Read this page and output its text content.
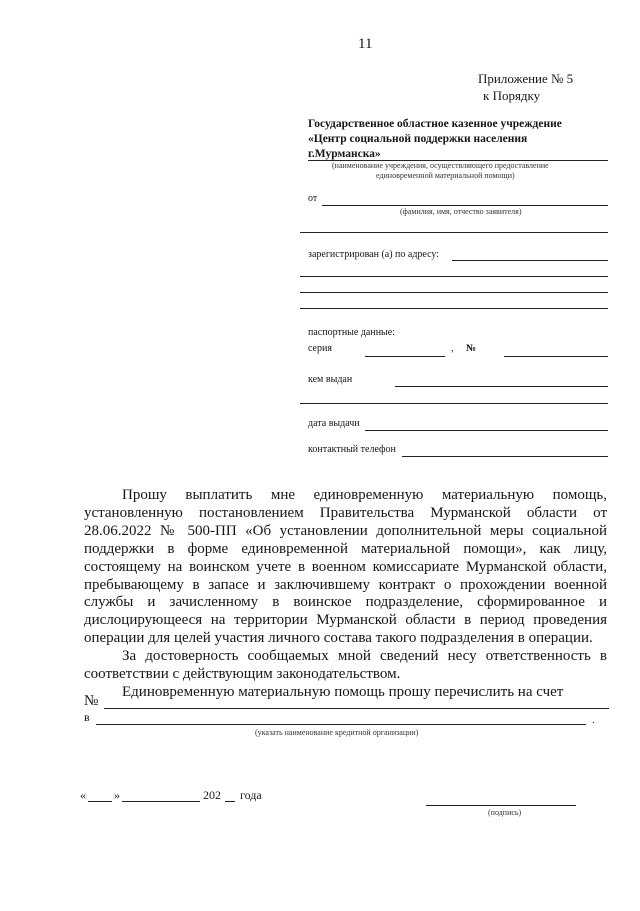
11
Приложение № 5
к Порядку
Государственное областное казенное учреждение
«Центр социальной поддержки населения
г.Мурманска»
(наименование учреждения, осуществляющего предоставление
единовременной материальной помощи)
от
(фамилия, имя, отчество заявителя)
зарегистрирован (а) по адресу:
паспортные данные:
серия	, №
кем выдан
дата выдачи
контактный телефон

Прошу выплатить мне единовременную материальную помощь, установленную постановлением Правительства Мурманской области от 28.06.2022 № 500-ПП «Об установлении дополнительной меры социальной поддержки в форме единовременной материальной помощи», как лицу, состоящему на воинском учете в военном комиссариате Мурманской области, пребывающему в запасе и заключившему контракт о прохождении военной службы и зачисленному в воинское подразделение, сформированное и дислоцирующееся на территории Мурманской области в период проведения операции для целей участия личного состава такого подразделения в операции.

За достоверность сообщаемых мной сведений несу ответственность в соответствии с действующим законодательством.

Единовременную материальную помощь прошу перечислить на счет

№
в	.
(указать наименование кредитной организации)
« »	202 года
(подпись)
